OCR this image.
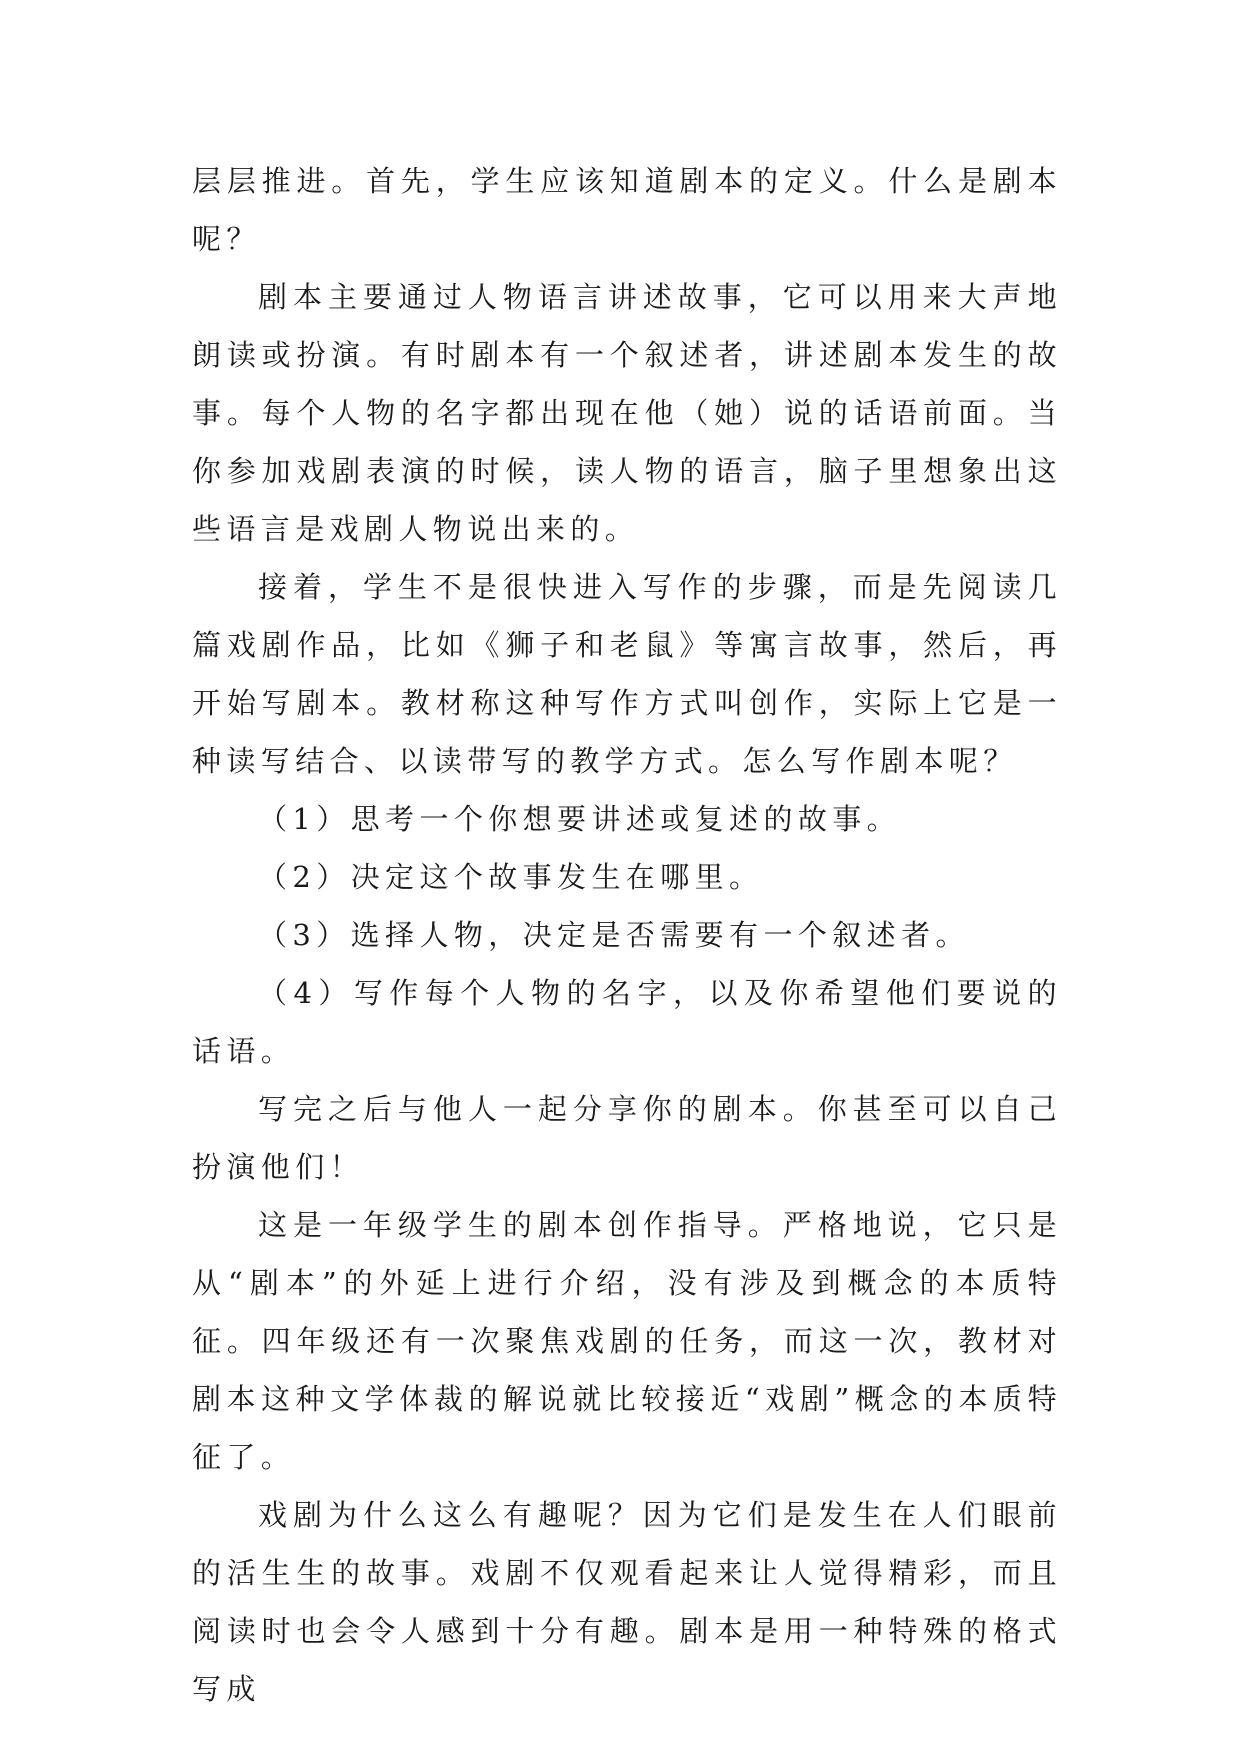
层层推进。首先，学生应该知道剧本的定义。什么是剧本呢？

剧本主要通过人物语言讲述故事，它可以用来大声地朗读或扮演。有时剧本有一个叙述者，讲述剧本发生的故事。每个人物的名字都出现在他（她）说的话语前面。当你参加戏剧表演的时候，读人物的语言，脑子里想象出这些语言是戏剧人物说出来的。

接着，学生不是很快进入写作的步骤，而是先阅读几篇戏剧作品，比如《狮子和老鼠》等寓言故事，然后，再开始写剧本。教材称这种写作方式叫创作，实际上它是一种读写结合、以读带写的教学方式。怎么写作剧本呢？

（1）思考一个你想要讲述或复述的故事。

（2）决定这个故事发生在哪里。

（3）选择人物，决定是否需要有一个叙述者。

（4）写作每个人物的名字，以及你希望他们要说的话语。

写完之后与他人一起分享你的剧本。你甚至可以自己扮演他们！

这是一年级学生的剧本创作指导。严格地说，它只是从“剧本”的外延上进行介绍，没有涉及到概念的本质特征。四年级还有一次聚焦戏剧的任务，而这一次，教材对剧本这种文学体裁的解说就比较接近“戏剧”概念的本质特征了。

戏剧为什么这么有趣呢？因为它们是发生在人们眼前的活生生的故事。戏剧不仅观看起来让人觉得精彩，而且阅读时也会令人感到十分有趣。剧本是用一种特殊的格式写成
